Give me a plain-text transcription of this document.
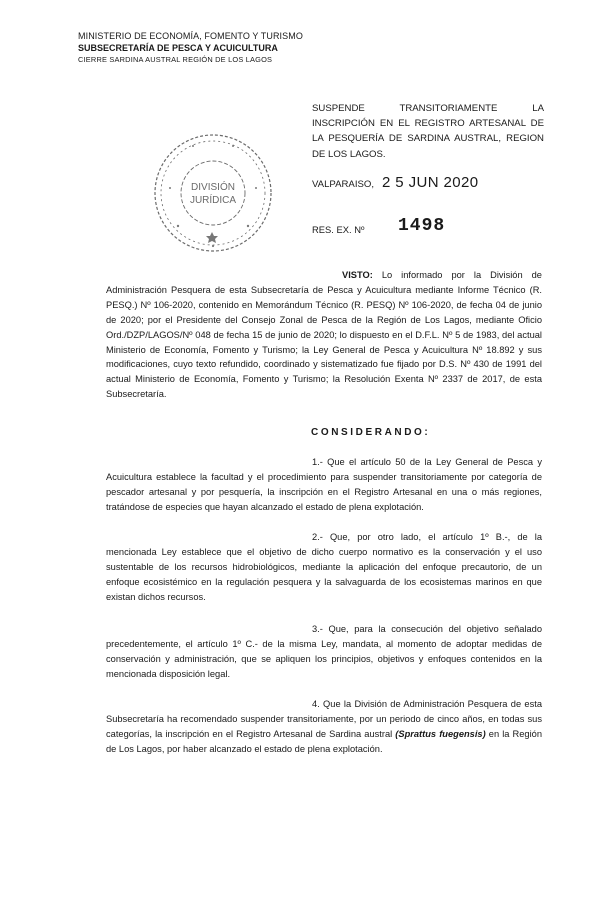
MINISTERIO DE ECONOMÍA, FOMENTO Y TURISMO
SUBSECRETARÍA DE PESCA Y ACUICULTURA
CIERRE SARDINA AUSTRAL REGIÓN DE LOS LAGOS
SUSPENDE TRANSITORIAMENTE LA INSCRIPCIÓN EN EL REGISTRO ARTESANAL DE LA PESQUERÍA DE SARDINA AUSTRAL, REGION DE LOS LAGOS.
DIVISIÓN
JURÍDICA
VALPARAISO, 2 5 JUN 2020
RES. EX. Nº 1498
VISTO: Lo informado por la División de Administración Pesquera de esta Subsecretaría de Pesca y Acuicultura mediante Informe Técnico (R. PESQ.) Nº 106-2020, contenido en Memorándum Técnico (R. PESQ) Nº 106-2020, de fecha 04 de junio de 2020; por el Presidente del Consejo Zonal de Pesca de la Región de Los Lagos, mediante Oficio Ord./DZP/LAGOS/Nº 048 de fecha 15 de junio de 2020; lo dispuesto en el D.F.L. Nº 5 de 1983, del actual Ministerio de Economía, Fomento y Turismo; la Ley General de Pesca y Acuicultura Nº 18.892 y sus modificaciones, cuyo texto refundido, coordinado y sistematizado fue fijado por D.S. Nº 430 de 1991 del actual Ministerio de Economía, Fomento y Turismo; la Resolución Exenta Nº 2337 de 2017, de esta Subsecretaría.
CONSIDERANDO:
1.- Que el artículo 50 de la Ley General de Pesca y Acuicultura establece la facultad y el procedimiento para suspender transitoriamente por categoría de pescador artesanal y por pesquería, la inscripción en el Registro Artesanal en una o más regiones, tratándose de especies que hayan alcanzado el estado de plena explotación.
2.- Que, por otro lado, el artículo 1º B.-, de la mencionada Ley establece que el objetivo de dicho cuerpo normativo es la conservación y el uso sustentable de los recursos hidrobiológicos, mediante la aplicación del enfoque precautorio, de un enfoque ecosistémico en la regulación pesquera y la salvaguarda de los ecosistemas marinos en que existan dichos recursos.
3.- Que, para la consecución del objetivo señalado precedentemente, el artículo 1º C.- de la misma Ley, mandata, al momento de adoptar medidas de conservación y administración, que se apliquen los principios, objetivos y enfoques contenidos en la mencionada disposición legal.
4. Que la División de Administración Pesquera de esta Subsecretaría ha recomendado suspender transitoriamente, por un periodo de cinco años, en todas sus categorías, la inscripción en el Registro Artesanal de Sardina austral (Sprattus fuegensis) en la Región de Los Lagos, por haber alcanzado el estado de plena explotación.
